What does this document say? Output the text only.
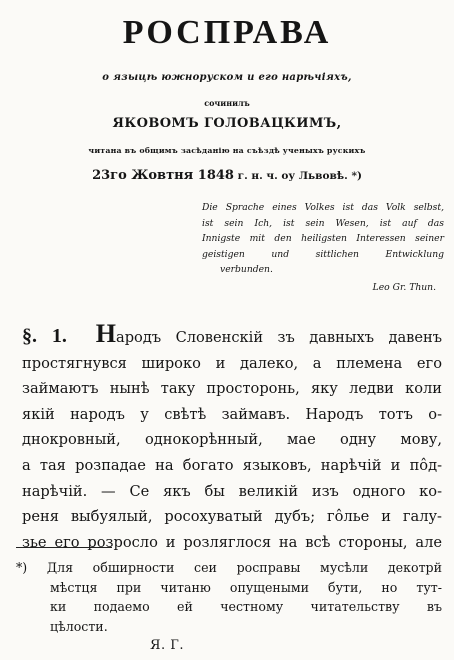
РОСПРАВА
о языцѣ южноруском и его нарѣчіяхъ,
сочинилъ
ЯКОВОМЪ ГОЛОВАЦКИМЪ,
читана въ общимъ засѣданію на съѣздѣ ученыхъ рускихъ
23го Жовтня 1848 г. н. ч. оу Львовѣ. *)
Die Sprache eines Volkes ist das Volk selbst,
ist sein Ich, ist sein Wesen, ist auf das
Innigste mit den heiligsten Interessen seiner
geistigen und sittlichen Entwicklung
verbunden.
Leo Gr. Thun.
§. 1. Народъ Словенскій зъ давныхъ давенъ
простягнувся широко и далеко, а племена его
займаютъ нынѣ таку просторонь, яку ледви коли
якій народъ у свѣтѣ займавъ. Народъ тотъ о-
днокровный, однокорѣнный, мае одну мову,
а тая розпадае на богато языковъ, нарѣчій и пôд-
нарѣчій. — Се якъ бы великій изъ одного ко-
реня выбуялый, росохуватый дубъ; гôлье и галу-
зье его розросло и розляглося на всѣ стороны, але
*) Для обширности сеи росправы мусѣли декотрй
мѣстця при читаню опущеными бути, но тут-
ки подаемо ей честному читательству въ
цѣлости.
Я. Г.
